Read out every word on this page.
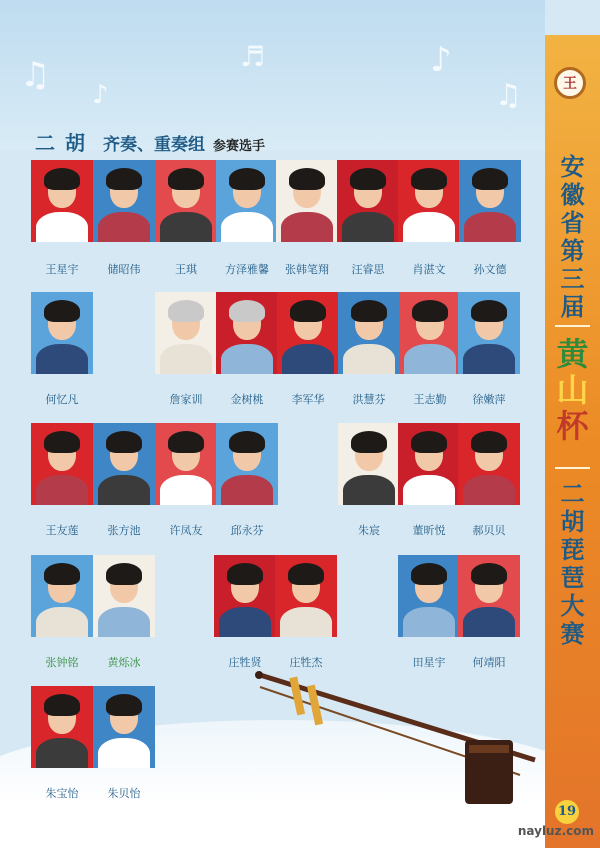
♫ ♪
♬	♪
♫
二胡 齐奏、重奏组 参赛选手
王星宇	储昭伟	王琪	方泽雅馨	张韩笔翔	汪睿思	肖湛文	孙文德
何忆凡	詹家训	金树桃	李军华	洪慧芬	王志勤	徐嫩萍
王友莲	张方池	许凤友	邱永芬	朱宸	董昕悦	郝贝贝
张钟铭	黄烁冰	庄牲贤	庄牲杰	田星宇	何靖阳
朱宝怡	朱贝怡
王
安徽省第三届
黄
山
杯
二胡琵琶大赛
19
nayluz.com
